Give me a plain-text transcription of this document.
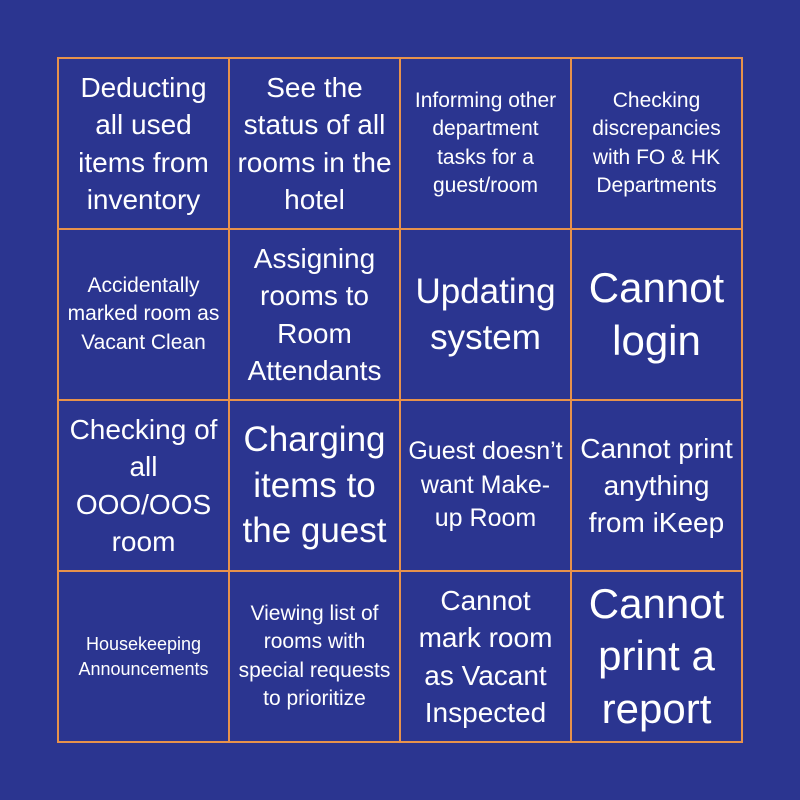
Deducting all used items from inventory
See the status of all rooms in the hotel
Informing other department tasks for a guest/room
Checking discrepancies with FO & HK Departments
Accidentally marked room as Vacant Clean
Assigning rooms to Room Attendants
Updating system
Cannot login
Checking of all OOO/OOS room
Charging items to the guest
Guest doesn’t want Make-up Room
Cannot print anything from iKeep
Housekeeping Announcements
Viewing list of rooms with special requests to prioritize
Cannot mark room as Vacant Inspected
Cannot print a report
